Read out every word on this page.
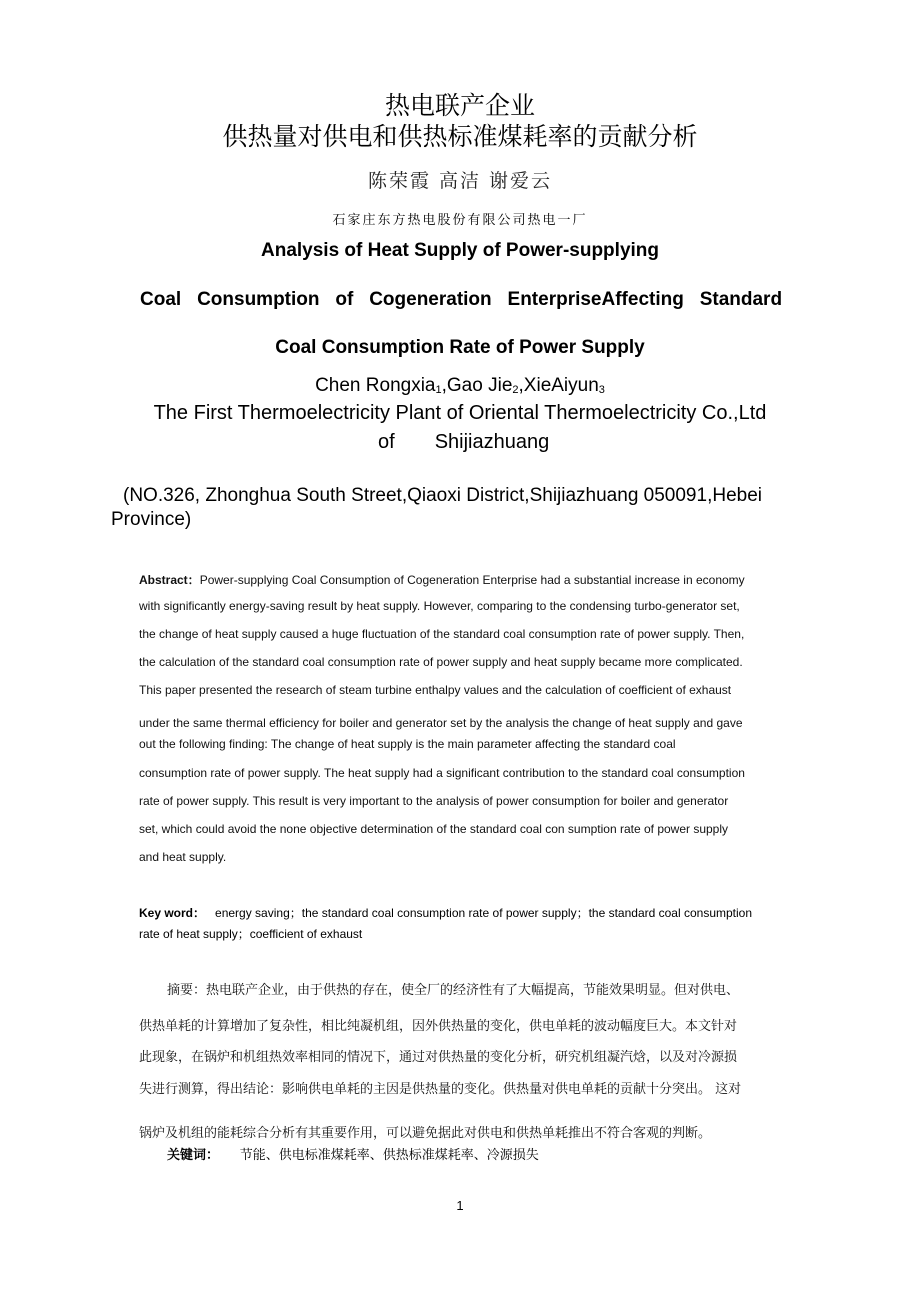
热电联产企业
供热量对供电和供热标准煤耗率的贡献分析
陈荣霞 高洁 谢爱云
石家庄东方热电股份有限公司热电一厂
Analysis of Heat Supply of Power-supplying
Coal Consumption of Cogeneration EnterpriseAffecting Standard
Coal Consumption Rate of Power Supply
Chen Rongxia$_1$,Gao Jie$_2$,XieAiyun$_3$
The First Thermoelectricity Plant of Oriental Thermoelectricity Co.,Ltd
of Shijiazhuang
(NO.326, Zhonghua South Street,Qiaoxi District,Shijiazhuang 050091,Hebei
Province)
Abstract：Power-supplying Coal Consumption of Cogeneration Enterprise had a substantial increase in economy
with significantly energy-saving result by heat supply. However, comparing to the condensing turbo-generator set,
the change of heat supply caused a huge fluctuation of the standard coal consumption rate of power supply. Then,
the calculation of the standard coal consumption rate of power supply and heat supply became more complicated.
This paper presented the research of steam turbine enthalpy values and the calculation of coefficient of exhaust
under the same thermal efficiency for boiler and generator set by the analysis the change of heat supply and gave
out the following finding: The change of heat supply is the main parameter affecting the standard coal
consumption rate of power supply. The heat supply had a significant contribution to the standard coal consumption
rate of power supply. This result is very important to the analysis of power consumption for boiler and generator
set, which could avoid the none objective determination of the standard coal con sumption rate of power supply
and heat supply.
Key word： energy saving；the standard coal consumption rate of power supply；the standard coal consumption
rate of heat supply；coefficient of exhaust
摘要：热电联产企业，由于供热的存在，使全厂的经济性有了大幅提高，节能效果明显。但对供电、
供热单耗的计算增加了复杂性，相比纯凝机组，因外供热量的变化，供电单耗的波动幅度巨大。本文针对
此现象，在锅炉和机组热效率相同的情况下，通过对供热量的变化分析，研究机组凝汽焓，以及对冷源损
失进行测算，得出结论：影响供电单耗的主因是供热量的变化。供热量对供电单耗的贡献十分突出。 这对
锅炉及机组的能耗综合分析有其重要作用，可以避免据此对供电和供热单耗推出不符合客观的判断。
关键词： 节能、供电标准煤耗率、供热标准煤耗率、冷源损失
1
